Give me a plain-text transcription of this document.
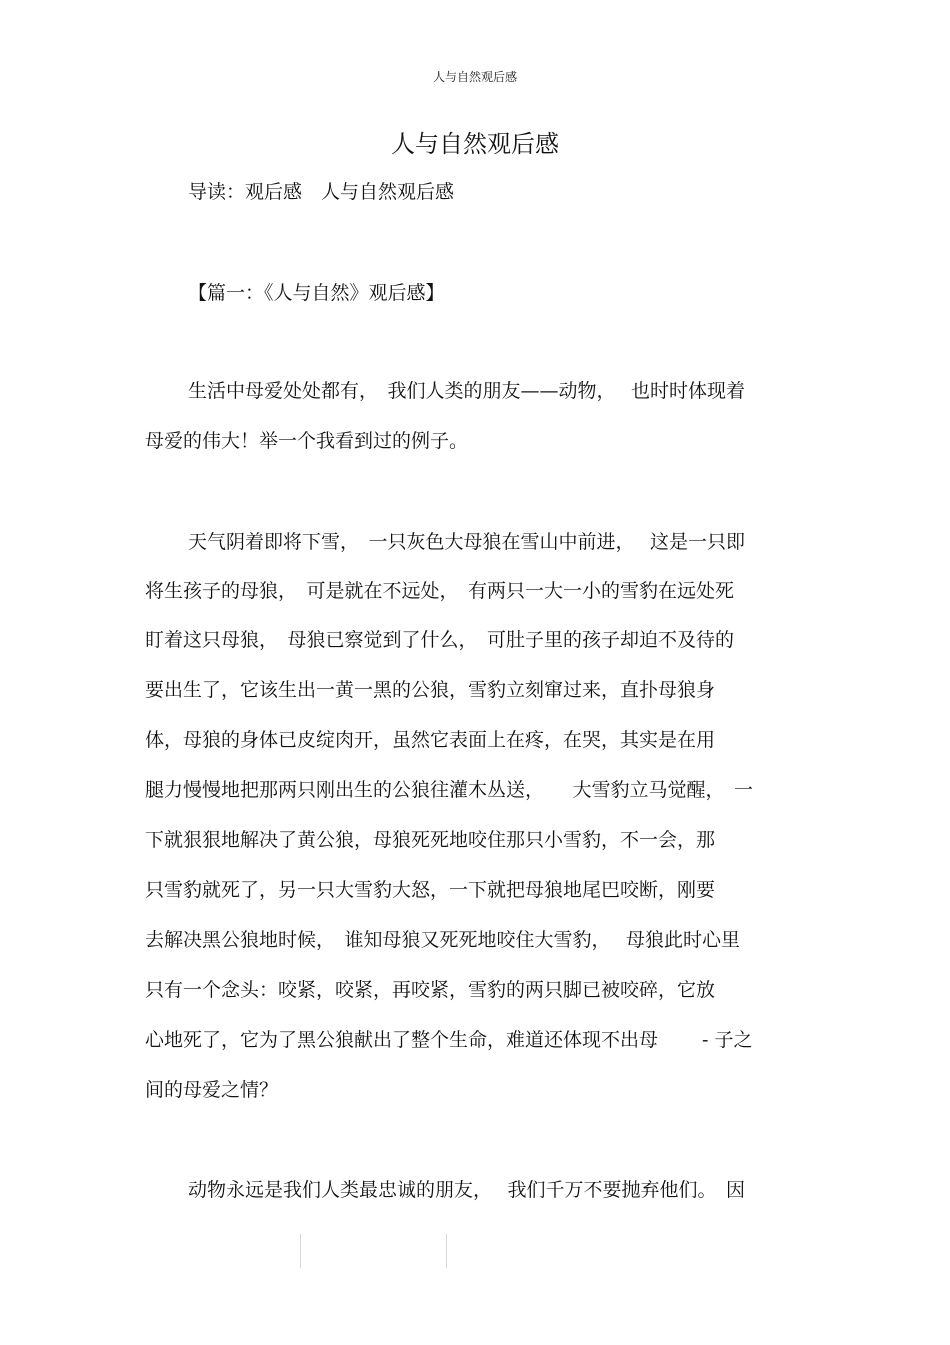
人与自然观后感
人与自然观后感
导读：观后感　人与自然观后感
【篇一：《人与自然》观后感】
生活中母爱处处都有，　我们人类的朋友——动物，　 也时时体现着
母爱的伟大！举一个我看到过的例子。
天气阴着即将下雪，　一只灰色大母狼在雪山中前进，　 这是一只即
将生孩子的母狼，　可是就在不远处，　有两只一大一小的雪豹在远处死
盯着这只母狼，　母狼已察觉到了什么，　可肚子里的孩子却迫不及待的
要出生了，它该生出一黄一黑的公狼，雪豹立刻窜过来，直扑母狼身
体，母狼的身体已皮绽肉开，虽然它表面上在疼，在哭，其实是在用
腿力慢慢地把那两只刚出生的公狼往灌木丛送，　　大雪豹立马觉醒，　一
下就狠狠地解决了黄公狼，母狼死死地咬住那只小雪豹，不一会，那
只雪豹就死了，另一只大雪豹大怒，一下就把母狼地尾巴咬断，刚要
去解决黑公狼地时候，　谁知母狼又死死地咬住大雪豹，　 母狼此时心里
只有一个念头：咬紧，咬紧，再咬紧，雪豹的两只脚已被咬碎，它放
心地死了，它为了黑公狼献出了整个生命，难道还体现不出母　　 - 子之
间的母爱之情？
动物永远是我们人类最忠诚的朋友，　 我们千万不要抛弃他们。　因
